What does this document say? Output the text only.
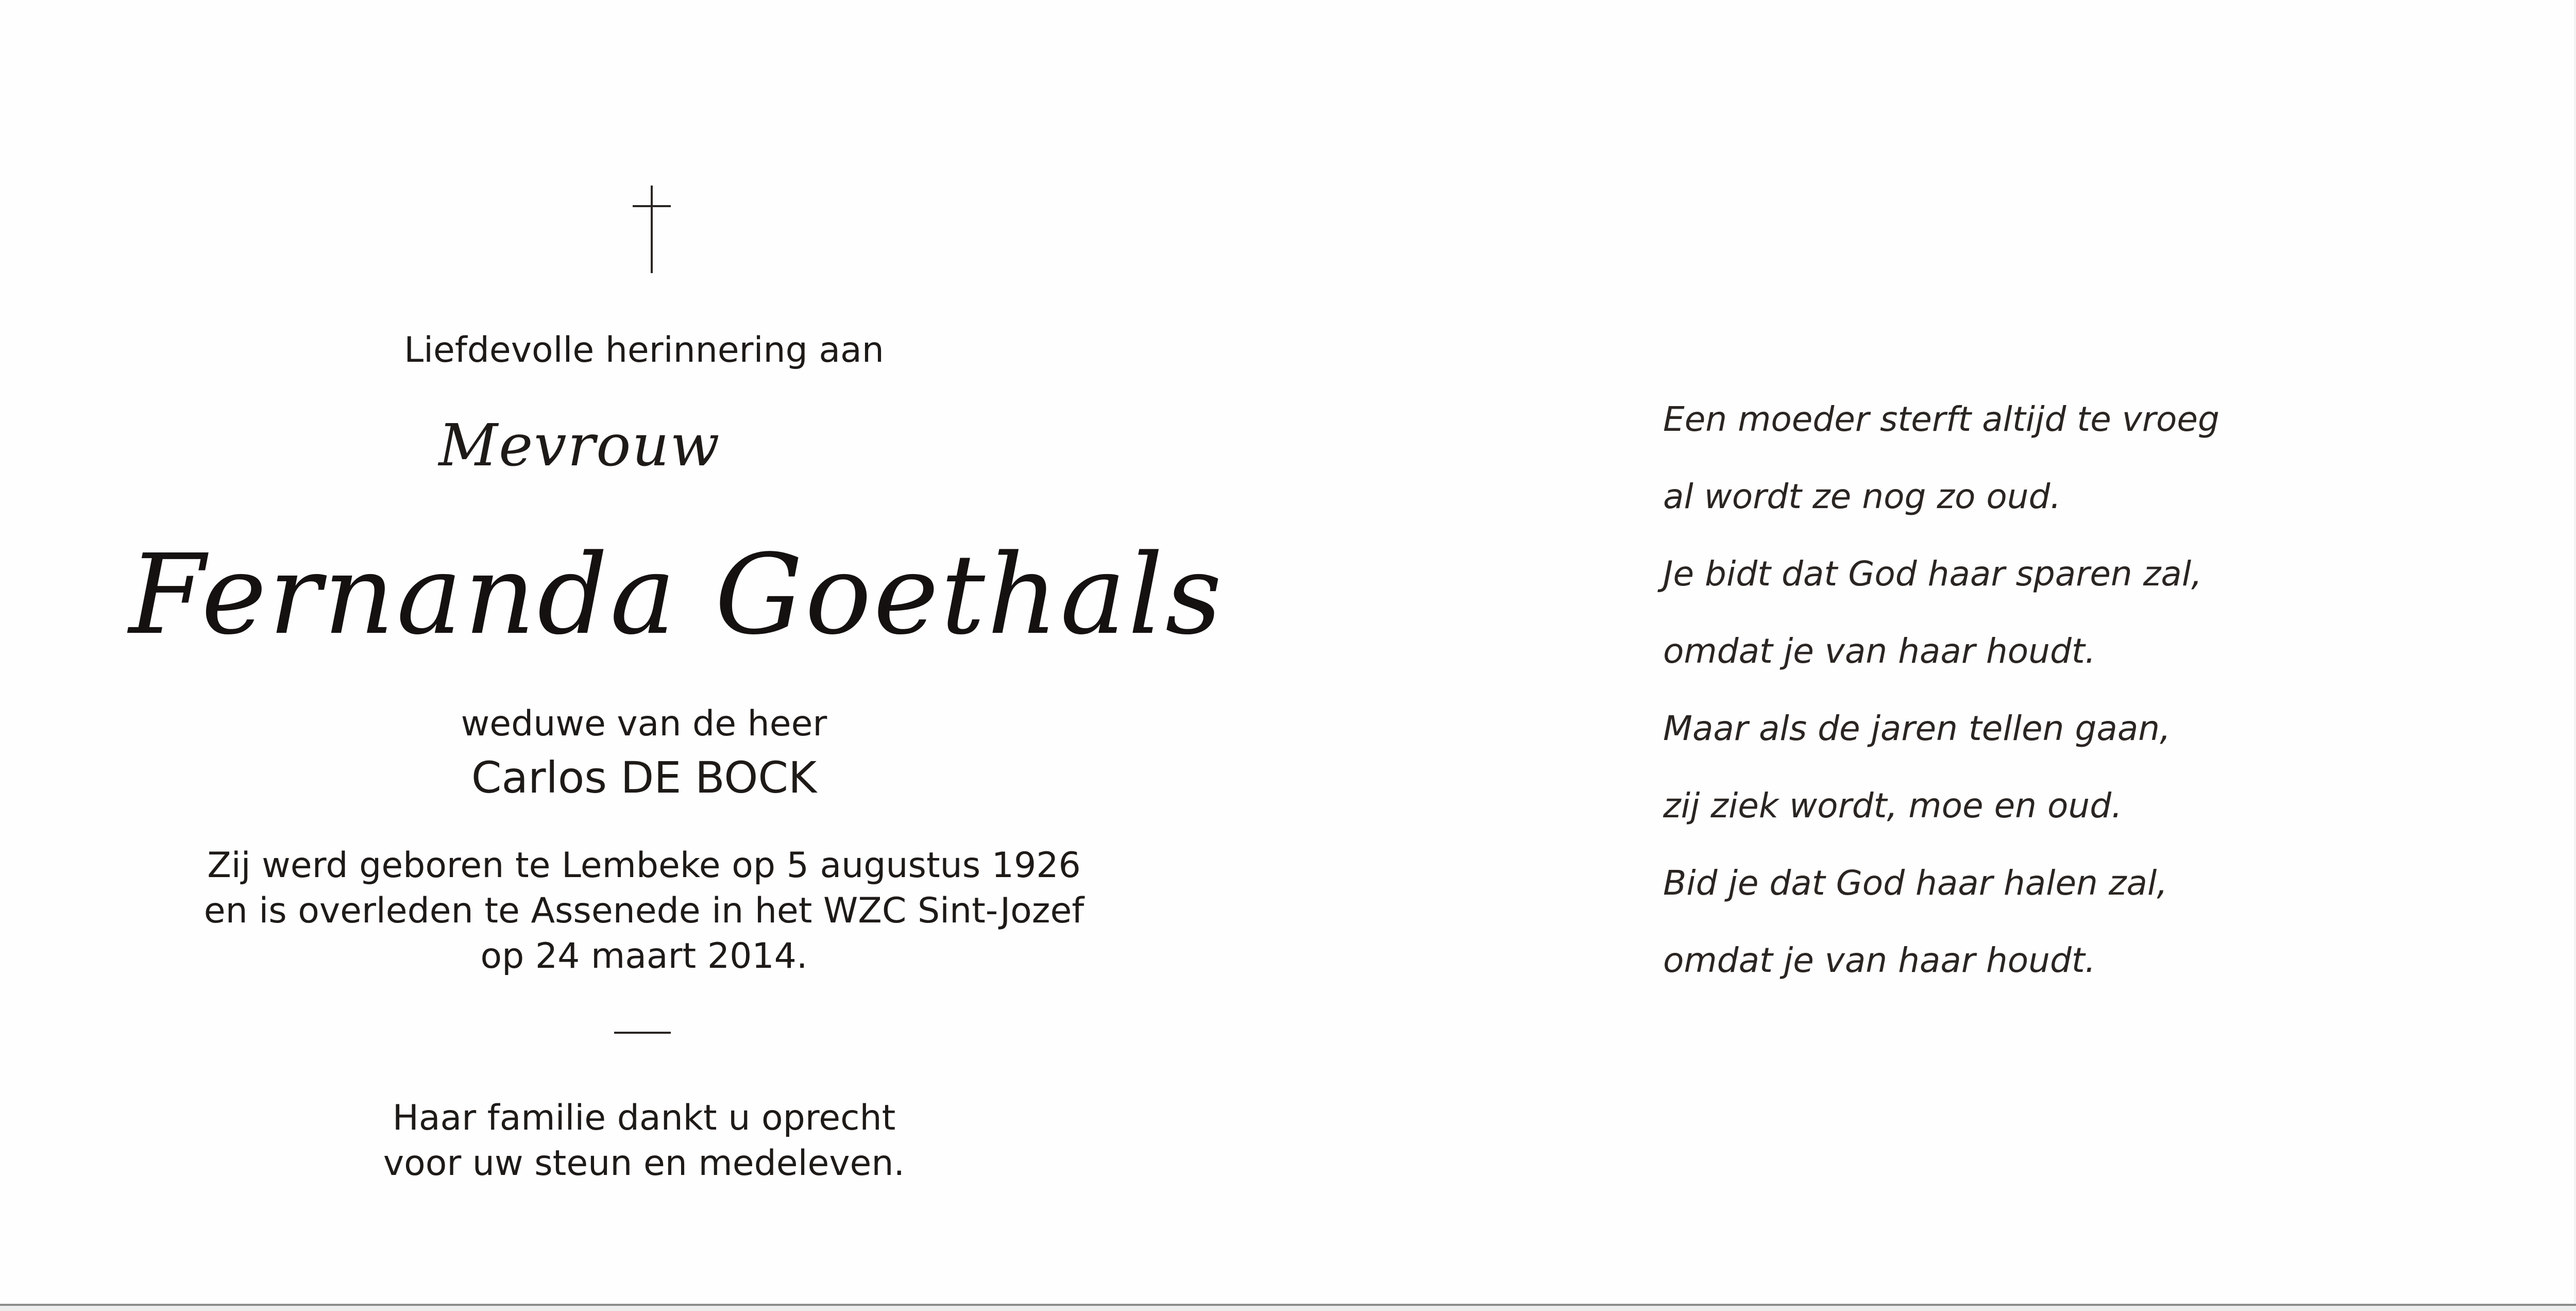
Liefdevolle herinnering aan
Mevrouw
Fernanda Goethals
weduwe van de heer
Carlos DE BOCK
Zij werd geboren te Lembeke op 5 augustus 1926
en is overleden te Assenede in het WZC Sint-Jozef
op 24 maart 2014.
Haar familie dankt u oprecht
voor uw steun en medeleven.
Een moeder sterft altijd te vroeg
al wordt ze nog zo oud.
Je bidt dat God haar sparen zal,
omdat je van haar houdt.
Maar als de jaren tellen gaan,
zij ziek wordt, moe en oud.
Bid je dat God haar halen zal,
omdat je van haar houdt.
